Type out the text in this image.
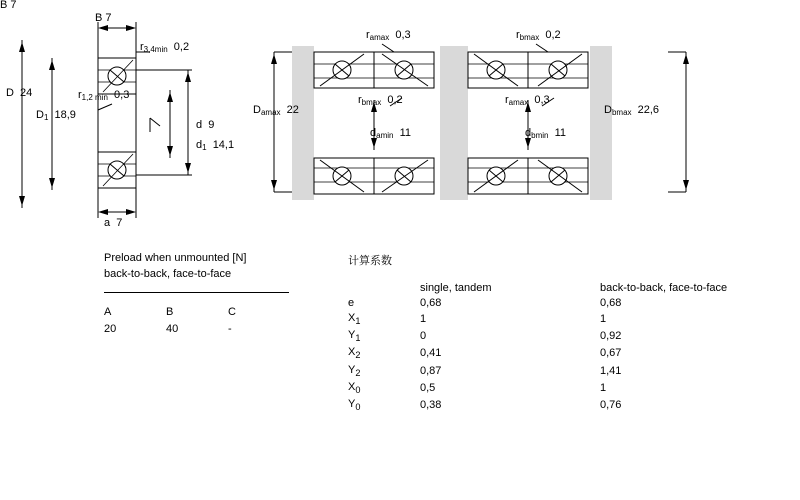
B 7
B 7
$r_{3,4min}$  0,2
D  24	$r_{1,2 min}$  0,3
$D_1$  18,9
d  9
$d_1$  14,1
a  7
$r_{amax}$  0,3	$r_{bmax}$  0,2
$D_{amax}$  22
$r_{bmax}$  0,2	$r_{amax}$  0,3
$D_{bmax}$  22,6
$d_{amin}$  11	$d_{bmin}$  11
Preload when unmounted [N]
back-to-back, face-to-face
A	B	C
20	40	-
计算系数
	single, tandem	back-to-back, face-to-face
e	0,68	0,68
$X_1$	1	1
$Y_1$	0	0,92
$X_2$	0,41	0,67
$Y_2$	0,87	1,41
$X_0$	0,5	1
$Y_0$	0,38	0,76
